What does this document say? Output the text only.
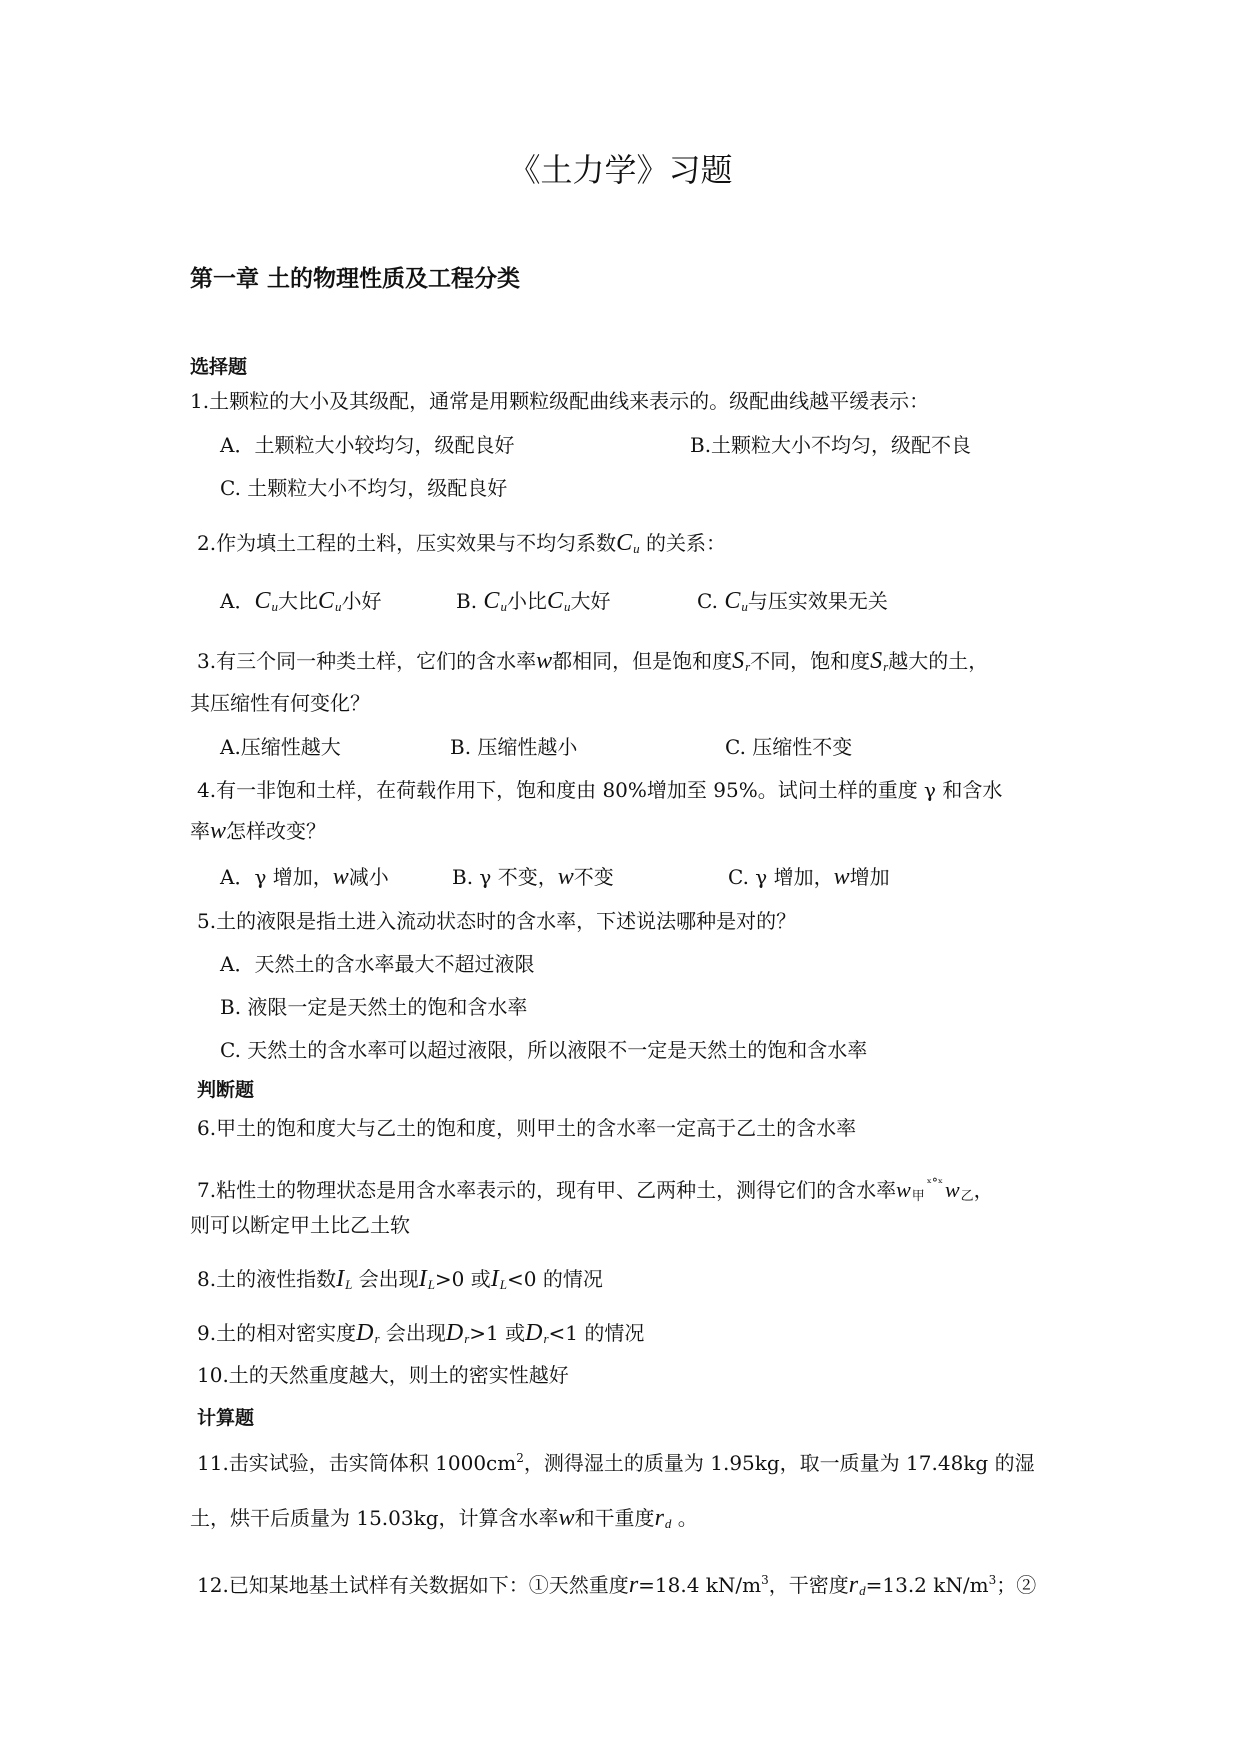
《土力学》习题
第一章 土的物理性质及工程分类
选择题
1.土颗粒的大小及其级配，通常是用颗粒级配曲线来表示的。级配曲线越平缓表示：
A．土颗粒大小较均匀，级配良好	B.土颗粒大小不均匀，级配不良
C. 土颗粒大小不均匀，级配良好
2.作为填土工程的土料，压实效果与不均匀系数$C_u$ 的关系：
A．$C_u$大比$C_u$小好	B. $C_u$小比$C_u$大好	C. $C_u$与压实效果无关
3.有三个同一种类土样，它们的含水率w都相同，但是饱和度$S_r$不同，饱和度$S_r$越大的土，
其压缩性有何变化？
A.压缩性越大	B. 压缩性越小	C. 压缩性不变
4.有一非饱和土样，在荷载作用下，饱和度由 80%增加至 95%。试问土样的重度 γ 和含水
率w怎样改变？
A．γ 增加，w减小	B. γ 不变，w不变	C. γ 增加，w增加
5.土的液限是指土进入流动状态时的含水率，下述说法哪种是对的？
A．天然土的含水率最大不超过液限
B. 液限一定是天然土的饱和含水率
C. 天然土的含水率可以超过液限，所以液限不一定是天然土的饱和含水率
判断题
6.甲土的饱和度大与乙土的饱和度，则甲土的含水率一定高于乙土的含水率
7.粘性土的物理状态是用含水率表示的，现有甲、乙两种土，测得它们的含水率$w_甲^{ˣ^\circ ˣ}w_乙$，
则可以断定甲土比乙土软
8.土的液性指数$I_L$ 会出现$I_L>0$ 或$I_L<0$ 的情况
9.土的相对密实度$D_r$ 会出现$D_r>1$ 或$D_r<1$ 的情况
10.土的天然重度越大，则土的密实性越好
计算题
11.击实试验，击实筒体积 $1000cm^2$，测得湿土的质量为 1.95kg，取一质量为 17.48kg 的湿
土，烘干后质量为 15.03kg，计算含水率w和干重度$r_d$ 。
12.已知某地基土试样有关数据如下：①天然重度r=18.4 $kN/m^3$，干密度$r_d=13.2$ $kN/m^3$；②
